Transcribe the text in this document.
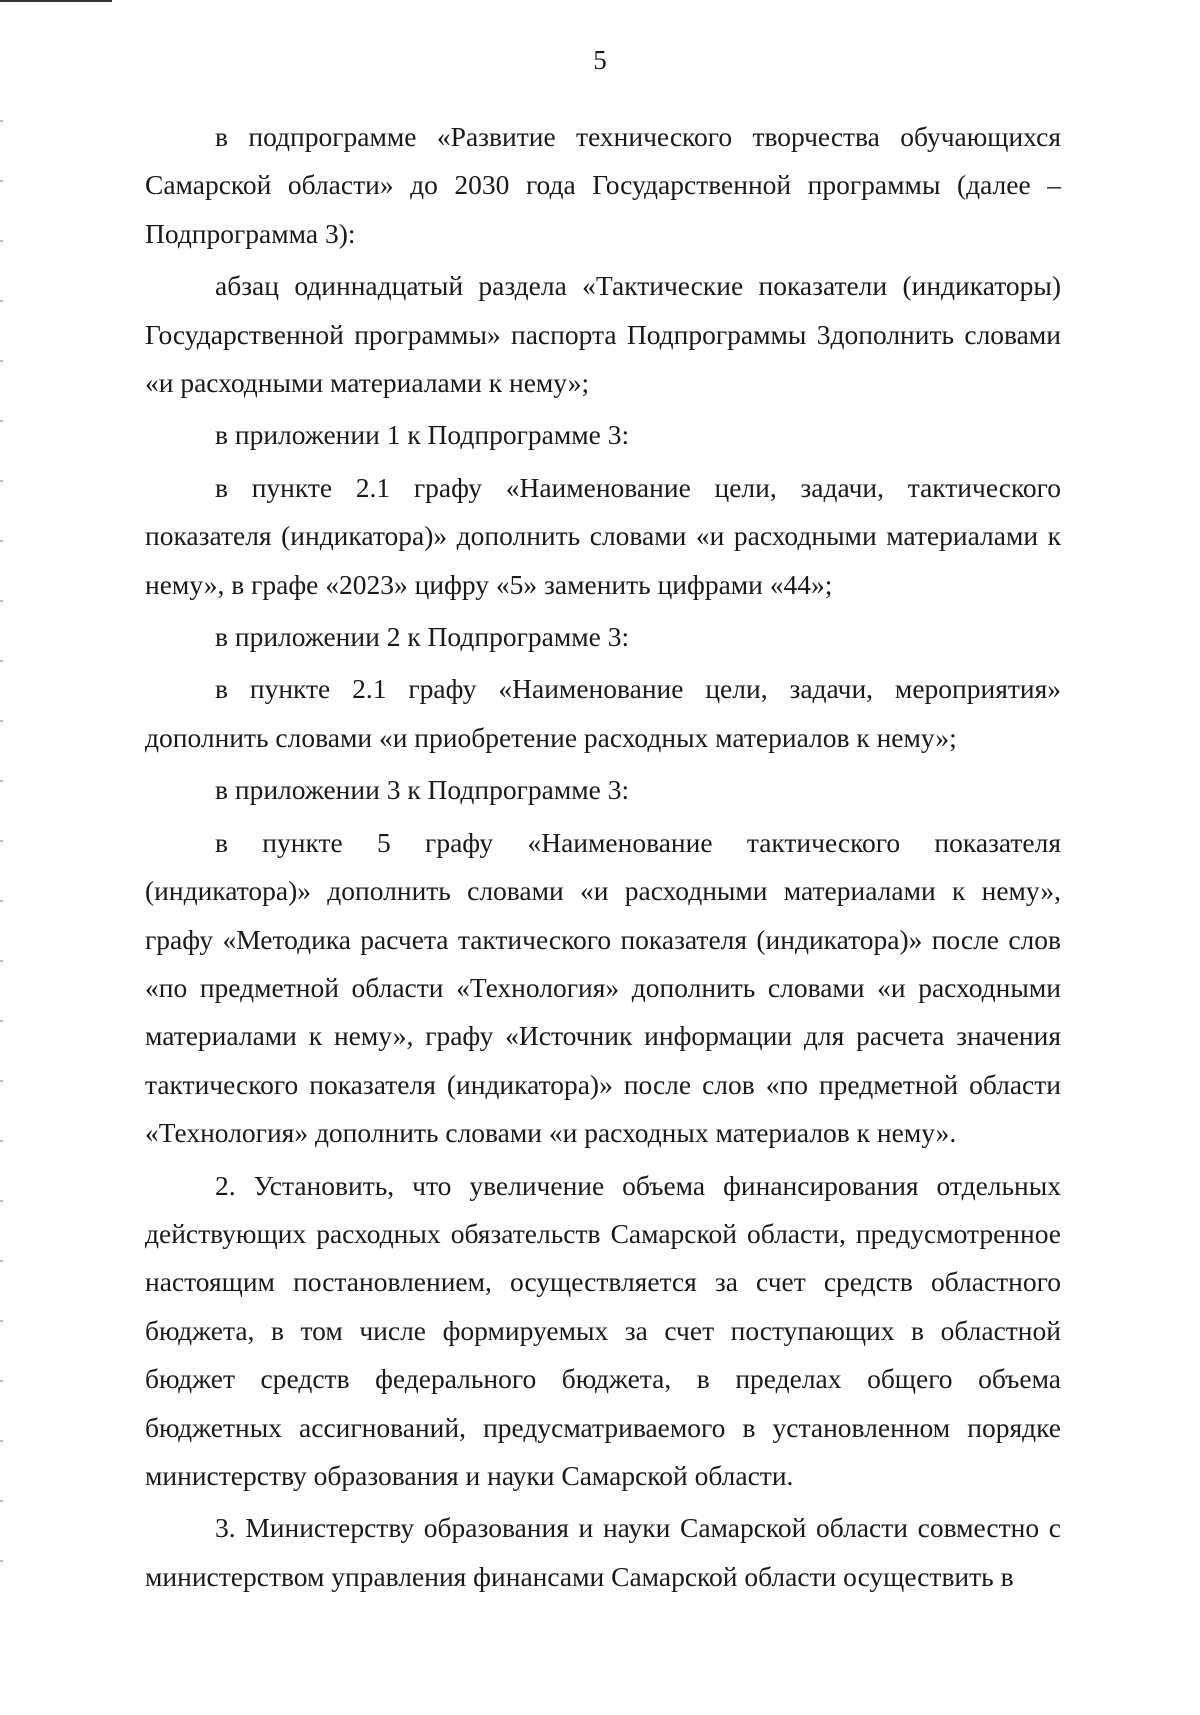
5

в подпрограмме «Развитие технического творчества обучающихся Самарской области» до 2030 года Государственной программы (далее – Подпрограмма 3):

абзац одиннадцатый раздела «Тактические показатели (индикаторы) Государственной программы» паспорта Подпрограммы 3дополнить словами «и расходными материалами к нему»;

в приложении 1 к Подпрограмме 3:

в пункте 2.1 графу «Наименование цели, задачи, тактического показателя (индикатора)» дополнить словами «и расходными материалами к нему», в графе «2023» цифру «5» заменить цифрами «44»;

в приложении 2 к Подпрограмме 3:

в пункте 2.1 графу «Наименование цели, задачи, мероприятия» дополнить словами «и приобретение расходных материалов к нему»;

в приложении 3 к Подпрограмме 3:

в пункте 5 графу «Наименование тактического показателя (индикатора)» дополнить словами «и расходными материалами к нему», графу «Методика расчета тактического показателя (индикатора)» после слов «по предметной области «Технология» дополнить словами «и расходными материалами к нему», графу «Источник информации для расчета значения тактического показателя (индикатора)» после слов «по предметной области «Технология» дополнить словами «и расходных материалов к нему».

2. Установить, что увеличение объема финансирования отдельных действующих расходных обязательств Самарской области, предусмотренное настоящим постановлением, осуществляется за счет средств областного бюджета, в том числе формируемых за счет поступающих в областной бюджет средств федерального бюджета, в пределах общего объема бюджетных ассигнований, предусматриваемого в установленном порядке министерству образования и науки Самарской области.

3. Министерству образования и науки Самарской области совместно с министерством управления финансами Самарской области осуществить в
